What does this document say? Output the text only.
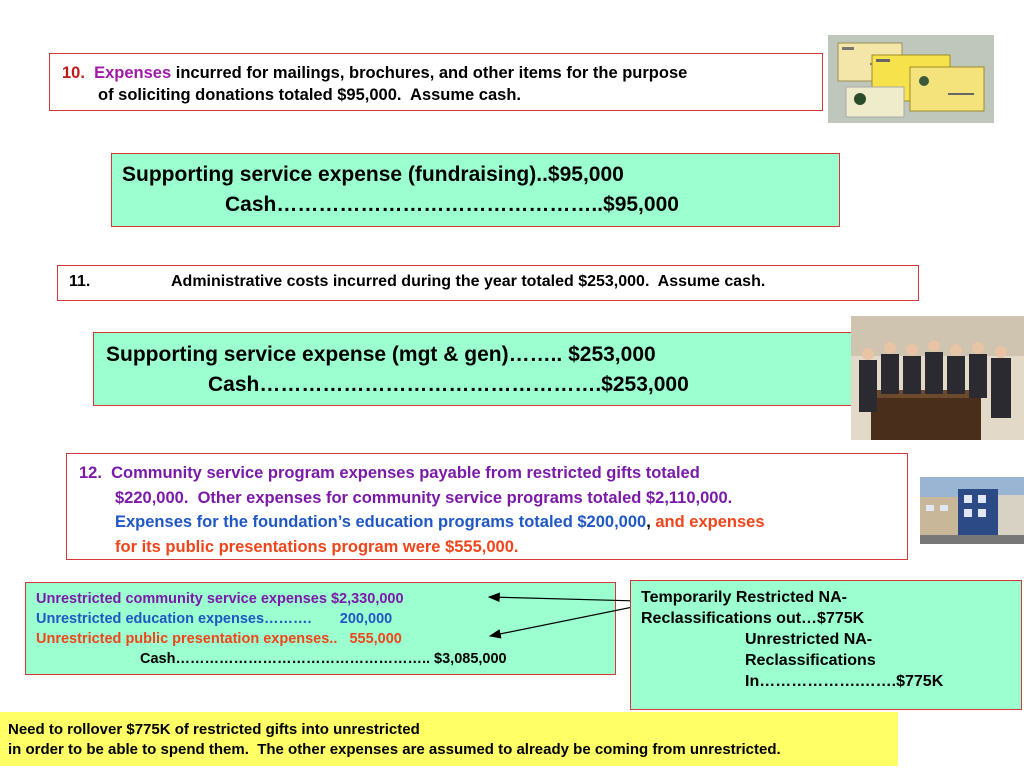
10. Expenses incurred for mailings, brochures, and other items for the purpose
of soliciting donations totaled $95,000.  Assume cash.
Supporting service expense (fundraising)..$95,000
Cash………………………………………..$95,000
11.	Administrative costs incurred during the year totaled $253,000.  Assume cash.
Supporting service expense (mgt & gen)…….. $253,000
Cash………………………………………….$253,000
12. Community service program expenses payable from restricted gifts totaled
$220,000.  Other expenses for community service programs totaled $2,110,000.
Expenses for the foundation’s education programs totaled $200,000, and expenses
for its public presentations program were $555,000.
Unrestricted community service expenses $2,330,000
Unrestricted education expenses……….       200,000
Unrestricted public presentation expenses..   555,000
Cash…………………………………………….. $3,085,000
Temporarily Restricted NA-
Reclassifications out…$775K
Unrestricted NA-
Reclassifications
In……………….…….$775K
Need to rollover $775K of restricted gifts into unrestricted
in order to be able to spend them.  The other expenses are assumed to already be coming from unrestricted.
